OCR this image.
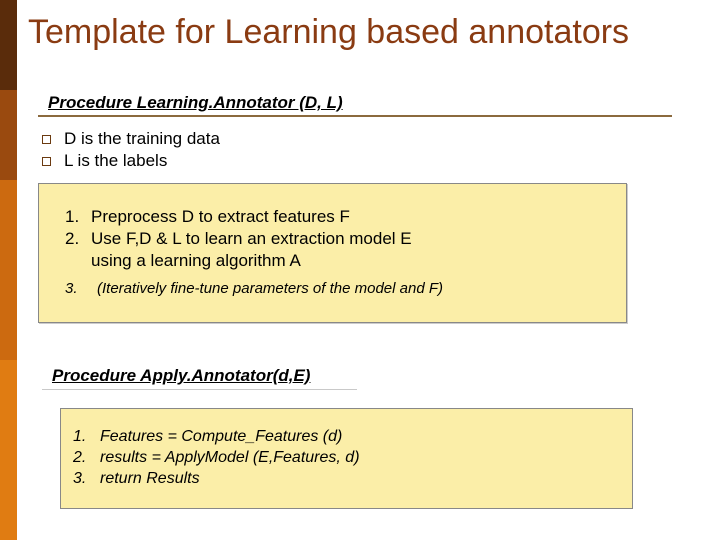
Template for Learning based annotators
Procedure Learning.Annotator (D, L)
D is the training data
L is the labels
1. Preprocess D to extract features F
2. Use F,D & L to learn an extraction model E
using a learning algorithm A
3.	(Iteratively fine-tune parameters of the model and F)
Procedure Apply.Annotator(d,E)
1. Features = Compute_Features (d)
2. results = ApplyModel (E,Features, d)
3. return Results
